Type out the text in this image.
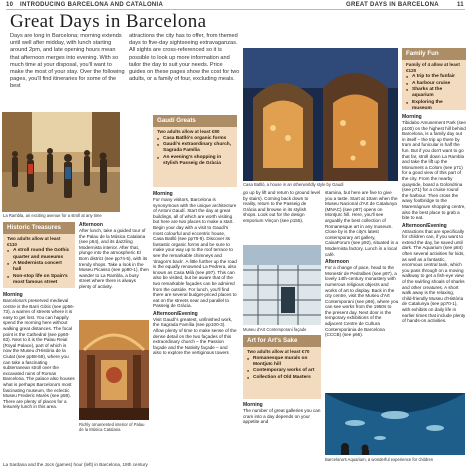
10 INTRODUCING BARCELONA AND CATALONIA	GREAT DAYS IN BARCELONA	11
Great Days in Barcelona
Days are long in Barcelona; morning extends until well after midday, with lunch starting around 2pm, and late opening hours mean that afternoon merges into evening. With so much time at your disposal, you'll want to make the most of your stay. Over the following pages, you'll find itineraries for some of the best
attractions the city has to offer, from themed days to five-day sightseeing extravaganzas. All sights are cross-referenced so it is possible to look up more information and tailor the day to suit your needs. Price guides on these pages show the cost for two adults, or a family of four, excluding meals.
La Rambla, an exciting avenue for a stroll at any time
Historic Treasures
Two adults allow at least €110
■ A stroll round the Gothic quarter and museums
■ A Modernista concert hall
■ Non-stop life on Spain's most famous street
Morning

Barcelona's preserved medieval centre is the Barri Gòtic (see pp56-73), a warren of streets where it is easy to get lost. You can happily spend the morning here without walking great distances. The focal point is the Cathedral (see pp60-63). Next to it is the Palau Reial (Royal Palace), part of which is now the Museu d'Història de la Ciutat (see pp58-59), where you can take a fascinating subterranean stroll over the excavated ruins of Roman Barcelona. The palace also houses what is perhaps Barcelona's most fascinating museum, the eclectic Museu Frederic Marès (see p59). There are plenty of places for a leisurely lunch in this area.

Afternoon

After lunch, take a guided tour of the Palau de la Música Catalana (see p64), and its dazzling Modernista interior. After that, plunge into the atmospheric El Born district (see pp74-5), with its trendy shops. Take a look in the Museu Picasso (see pp80-1), then wander to La Rambla, a busy street where there is always plenty of activity.

Richly ornamented interior of Palau de la Música Catalana
La Sardana and the Jocs (games) hour (left) in Barcelona, 19th century
Gaudí Greats
Two adults allow at least €80
■ Casa Batlló's organic forms
■ Gaudí's extraordinary church, Sagrada Família
■ An evening's shopping in stylish Passeig de Gràcia
Morning

For many visitors, Barcelona is synonymous with the unique architecture of Antoni Gaudí. Start the day at great buildings, all of which are worth visiting but here are two places to make a start. Begin your day with a visit to Gaudí's most colourful and eccentric house, Casa Batlló (see pp76-9). Discover its fantastic organic forms and be sure to make your way up to the roof terrace to see the remarkable chimneys and 'dragon's back'. A little further up the road is the equally renowned La Pedrera, also known as Casa Milà (see p97). This can also be visited, but be aware that of the two remarkable façades can be admired from the outside. For lunch, you'll find there are several budget-priced places to eat on the streets near and parallel to Passeig de Gràcia.

Afternoon/Evening

Visit Gaudí's greatest, unfinished work, the Sagrada Família (see pp100-3). Allow plenty of time to make sense of the dense detail on the two façades of this extraordinary church – the Passion façade and the Nativity façade – and also to explore the vertiginous towers

Casa Batlló, a house in an otherworldly style by Gaudí

go up by lift and return to ground level by stairs). Coming back down to reality, return to the Passeig de Gràcia and browse in its stylish shops. Look out for the design emporium Vinçon (see p155).

Museu d'Art Contemporani façade
Art for Art's Sake
Two adults allow at least €70
■ Romanesque murals on Montjuïc hill
■ Contemporary works of art
■ Collection of Old Masters
Morning

The number of great galleries you can cram into a day depends on your appetite and

stamina, but here are five to give you a taste. Start at 10am when the Museu Nacional d'Art de Catalunya (MNAC) (see p97) opens on Montjuïc hill. Here, you'll see arguably the best collection of Romanesque art in any museum. Close by is the city's latest contemporary art gallery, CaixaForum (see p92), situated in a Modernista factory. Lunch in a local cafè.

Afternoon

For a change of pace, head to the Monestir de Pedralbes (see p97), a lovely 14th-century monastery with numerous religious objects and works of art to display. Back in the city centre, visit the Museu d'Art Contemporani (see p66), where you can see works from the 1950s to the present day. Next door is the temporary exhibitions of the adjacent Centre de Cultura Contemporània de Barcelona (CCCB) (see p66).

Barcelona's Aquarium, a wonderful experience for children
Family Fun
Family of 4 allow at least €120
■ A trip to the funfair
■ A harbour cruise
■ Sharks at the aquarium
■ Exploring the museum
Morning

Tibidabo Amusement Park (see p100) on the highest hill behind Barcelona, is a family day out in itself – the trip up there by tram and funicular is half the fun. But if you don't want to go that far, stroll down La Rambla and take the lift up the Monument a Colom (see p71) for a good view of this part of the city. From the nearby quayside, board a Golondrina (see p71) for a cruise round the harbour. Then cross the wavy footbridge to the Maremàgnum shopping centre, also the best place to grab a bite to eat.

Afternoon/Evening

Attractions that are specifically for children can, if you want to extend the day, be saved until dark. The Aquarium (see p84) often several activities for kids, as well as a fantastic, enormous central tank, which you pass through on a moving walkway to get a fish-eye view of the swirling shoals of sharks and other creatures. A short walk away is the relaxing, child-friendly Museu d'Història de Catalunya (see pp70-1), with exhibits on daily life in earlier times that include plenty of hands-on activities.
